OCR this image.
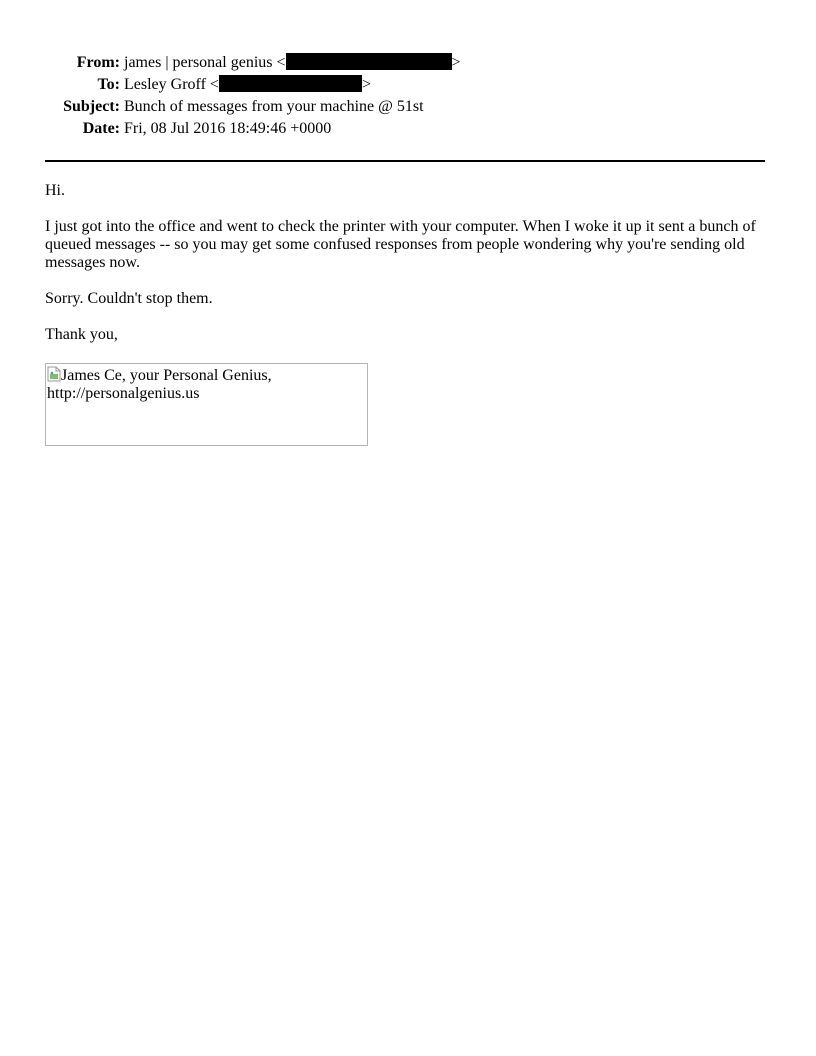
From:	james | personal genius < >
To:	Lesley Groff < >
Subject:	Bunch of messages from your machine @ 51st
Date:	Fri, 08 Jul 2016 18:49:46 +0000

Hi.

I just got into the office and went to check the printer with your computer. When I woke it up it sent a bunch of queued messages -- so you may get some confused responses from people wondering why you're sending old messages now.

Sorry. Couldn't stop them.

Thank you,

James Ce, your Personal Genius, http://personalgenius.us
